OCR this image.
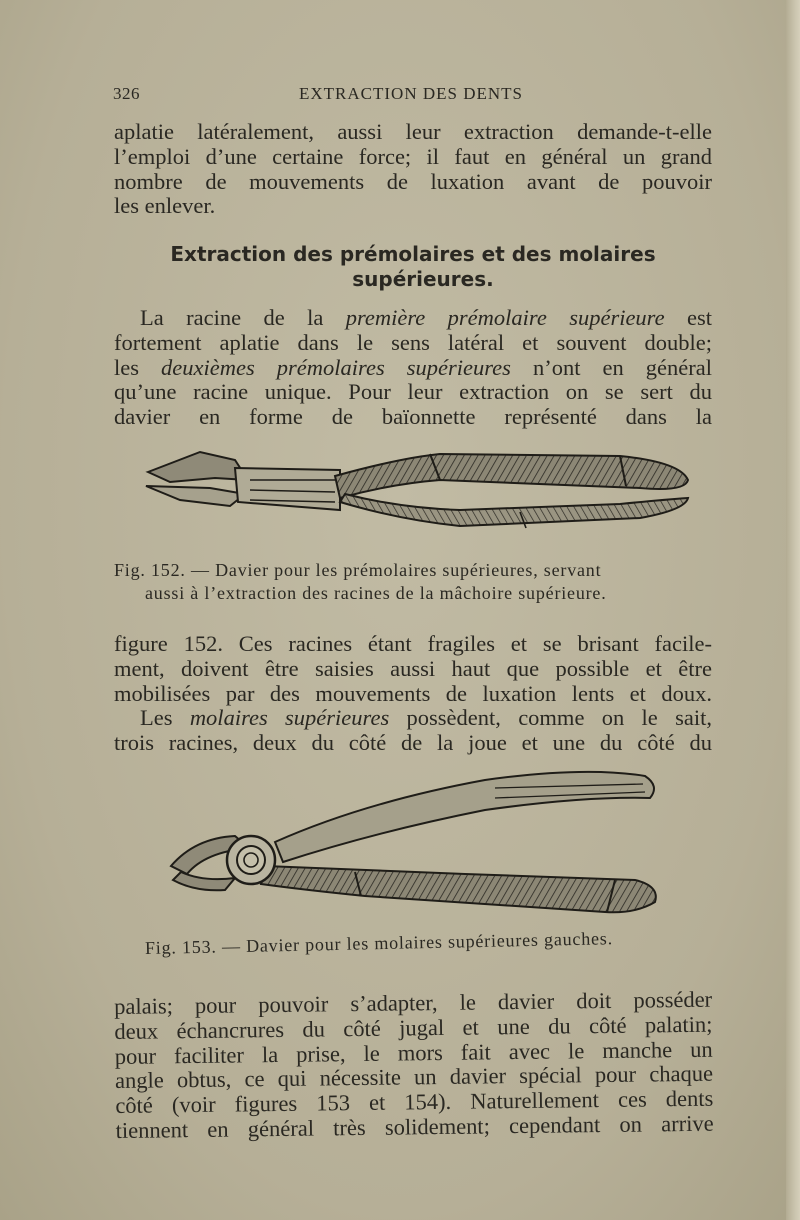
326	EXTRACTION DES DENTS

aplatie latéralement, aussi leur extraction demande-t-elle
l’emploi d’une certaine force; il faut en général un grand
nombre de mouvements de luxation avant de pouvoir
les enlever.

Extraction des prémolaires et des molaires
supérieures.

La racine de la première prémolaire supérieure est
fortement aplatie dans le sens latéral et souvent double;
les deuxièmes prémolaires supérieures n’ont en général
qu’une racine unique. Pour leur extraction on se sert du
davier en forme de baïonnette représenté dans la

Fig. 152. — Davier pour les prémolaires supérieures, servant
aussi à l’extraction des racines de la mâchoire supérieure.

figure 152. Ces racines étant fragiles et se brisant facile-
ment, doivent être saisies aussi haut que possible et être
mobilisées par des mouvements de luxation lents et doux.
Les molaires supérieures possèdent, comme on le sait,
trois racines, deux du côté de la joue et une du côté du

Fig. 153. — Davier pour les molaires supérieures gauches.

palais; pour pouvoir s’adapter, le davier doit posséder
deux échancrures du côté jugal et une du côté palatin;
pour faciliter la prise, le mors fait avec le manche un
angle obtus, ce qui nécessite un davier spécial pour chaque
côté (voir figures 153 et 154). Naturellement ces dents
tiennent en général très solidement; cependant on arrive
